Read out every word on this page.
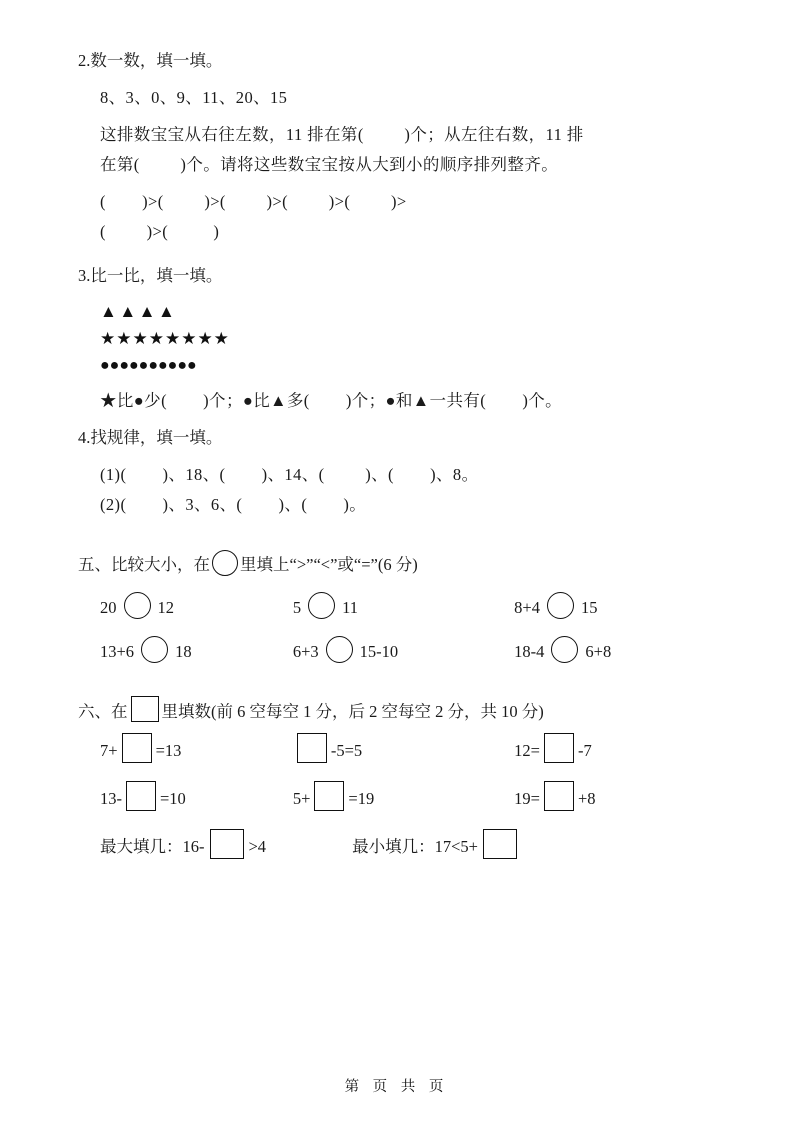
2.数一数，填一填。
8、3、0、9、11、20、15
这排数宝宝从右往左数，11 排在第(         )个；从左往右数，11 排
在第(         )个。请将这些数宝宝按从大到小的顺序排列整齐。
(        )>(         )>(         )>(         )>(         )>
(         )>(          )
3.比一比，填一填。
▲▲▲▲
★★★★★★★★
●●●●●●●●●●
★比●少(        )个；●比▲多(        )个；●和▲一共有(        )个。
4.找规律，填一填。
(1)(        )、18、(        )、14、(         )、(        )、8。
(2)(        )、3、6、(        )、(        )。
五、比较大小，在 里填上“>”“<”或“=”(6 分)
20 12	5 11	8+4 15
13+6 18	6+3 15-10	18-4 6+8
六、在 里填数(前 6 空每空 1 分，后 2 空每空 2 分，共 10 分)
7+ =13	-5=5	12= -7
13- =10	5+ =19	19= +8
最大填几：16-	>4	最小填几：17<5+
第 页 共 页
